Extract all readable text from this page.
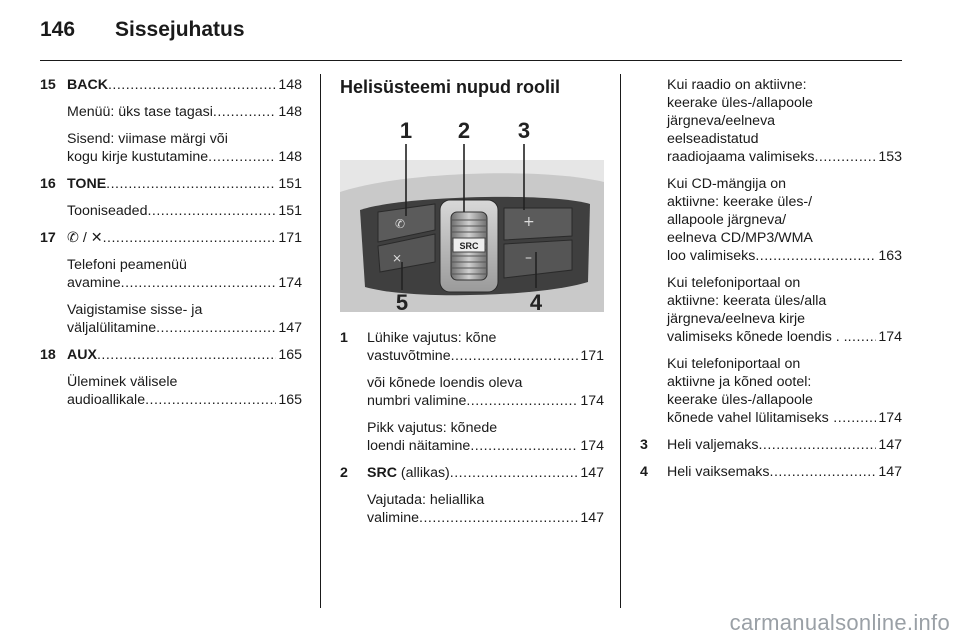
146	Sissejuhatus
15 BACK .....	148
Menüü: üks tase tagasi .....	148
Sisend: viimase märgi või
kogu kirje kustutamine .....	148
16 TONE .....	151
Tooniseaded .....	151
17 ✆ / ✕ .....	171
Telefoni peamenüü
avamine .....	174
Vaigistamise sisse- ja
väljalülitamine .....	147
18 AUX .....	165
Üleminek välisele
audioallikale .....	165
Helisüsteemi nupud roolil
SRC
+
–
✆
⨯
1 2 3
4
5
1 Lühike vajutus: kõne
vastuvõtmine .....	171
või kõnede loendis oleva
numbri valimine .....	174
Pikk vajutus: kõnede
loendi näitamine .....	174
2 SRC (allikas) .....	147
Vajutada: heliallika
valimine .....	147
Kui raadio on aktiivne:
keerake üles-/allapoole
järgneva/eelneva
eelseadistatud
raadiojaama valimiseks .....	153
Kui CD-mängija on
aktiivne: keerake üles-/
allapoole järgneva/
eelneva CD/MP3/WMA
loo valimiseks .....	163
Kui telefoniportaal on
aktiivne: keerata üles/alla
järgneva/eelneva kirje
valimiseks kõnede loendis . . ..... 174
Kui telefoniportaal on
aktiivne ja kõned ootel:
keerake üles-/allapoole
kõnede vahel lülitamiseks … ..... 174
3 Heli valjemaks .....	147
4 Heli vaiksemaks .....	147
carmanualsonline.info
